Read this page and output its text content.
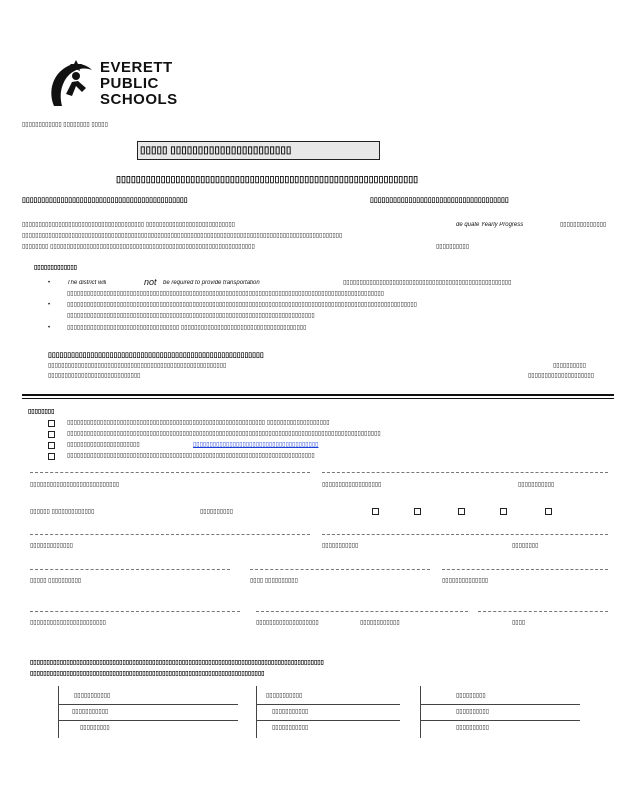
EVERETT
PUBLIC
SCHOOLS
▯▯▯▯▯▯▯▯▯▯▯▯ ▯▯▯▯▯▯▯▯ ▯▯▯▯▯
▯▯▯▯▯ ▯▯▯▯▯▯▯▯▯▯▯▯▯▯▯▯▯▯▯▯▯▯
▯▯▯▯▯▯▯▯▯▯▯▯▯▯▯▯▯▯▯▯▯▯▯▯▯▯▯▯▯▯▯▯▯▯▯▯▯▯▯▯▯▯▯▯▯▯▯▯▯▯▯▯▯▯▯▯▯▯▯▯▯
▯▯▯▯▯▯▯▯▯▯▯▯▯▯▯▯▯▯▯▯▯▯▯▯▯▯▯▯▯▯▯▯▯▯▯▯▯▯▯▯▯▯▯	▯▯▯▯▯▯▯▯▯▯▯▯▯▯▯▯▯▯▯▯▯▯▯▯▯▯▯▯▯▯▯▯▯▯▯▯
▯▯▯▯▯▯▯▯▯▯▯▯▯▯▯▯▯▯▯▯▯▯▯▯▯▯▯▯▯▯▯▯▯▯▯▯▯ ▯▯▯▯▯▯▯▯▯▯▯▯▯▯▯▯▯▯▯▯▯▯▯▯▯▯▯	de quate Yearly Progress	▯▯▯▯▯▯▯▯▯▯▯▯▯▯
▯▯▯▯▯▯▯▯▯▯▯▯▯▯▯▯▯▯▯▯▯▯▯▯▯▯▯▯▯▯▯▯▯▯▯▯▯▯▯▯▯▯▯▯▯▯▯▯▯▯▯▯▯▯▯▯▯▯▯▯▯▯▯▯▯▯▯▯▯▯▯▯▯▯▯▯▯▯▯▯▯▯▯▯▯▯▯▯▯▯▯▯▯▯▯▯▯
▯▯▯▯▯▯▯▯ ▯▯▯▯▯▯▯▯▯▯▯▯▯▯▯▯▯▯▯▯▯▯▯▯▯▯▯▯▯▯▯▯▯▯▯▯▯▯▯▯▯▯▯▯▯▯▯▯▯▯▯▯▯▯▯▯▯▯▯▯▯▯	▯▯▯▯▯▯▯▯▯▯
▯▯▯▯▯▯▯▯▯▯▯▯▯
•	The district will	not be required to provide transportation	▯▯▯▯▯▯▯▯▯▯▯▯▯▯▯▯▯▯▯▯▯▯▯▯▯▯▯▯▯▯▯▯▯▯▯▯▯▯▯▯▯▯▯▯▯▯▯▯▯▯▯
▯▯▯▯▯▯▯▯▯▯▯▯▯▯▯▯▯▯▯▯▯▯▯▯▯▯▯▯▯▯▯▯▯▯▯▯▯▯▯▯▯▯▯▯▯▯▯▯▯▯▯▯▯▯▯▯▯▯▯▯▯▯▯▯▯▯▯▯▯▯▯▯▯▯▯▯▯▯▯▯▯▯▯▯▯▯▯▯▯▯▯▯▯▯▯▯
•	▯▯▯▯▯▯▯▯▯▯▯▯▯▯▯▯▯▯▯▯▯▯▯▯▯▯▯▯▯▯▯▯▯▯▯▯▯▯▯▯▯▯▯▯▯▯▯▯▯▯▯▯▯▯▯▯▯▯▯▯▯▯▯▯▯▯▯▯▯▯▯▯▯▯▯▯▯▯▯▯▯▯▯▯▯▯▯▯▯▯▯▯▯▯▯▯▯▯▯▯▯▯▯▯▯▯
▯▯▯▯▯▯▯▯▯▯▯▯▯▯▯▯▯▯▯▯▯▯▯▯▯▯▯▯▯▯▯▯▯▯▯▯▯▯▯▯▯▯▯▯▯▯▯▯▯▯▯▯▯▯▯▯▯▯▯▯▯▯▯▯▯▯▯▯▯▯▯▯▯▯▯
•	▯▯▯▯▯▯▯▯▯▯▯▯▯▯▯▯▯▯▯▯▯▯▯▯▯▯▯▯▯▯▯▯▯▯ ▯▯▯▯▯▯▯▯▯▯▯▯▯▯▯▯▯▯▯▯▯▯▯▯▯▯▯▯▯▯▯▯▯▯▯▯▯▯
▯▯▯▯▯▯▯▯▯▯▯▯▯▯▯▯▯▯▯▯▯▯▯▯▯▯▯▯▯▯▯▯▯▯▯▯▯▯▯▯▯▯▯▯▯▯▯▯▯▯▯▯▯▯▯▯
▯▯▯▯▯▯▯▯▯▯▯▯▯▯▯▯▯▯▯▯▯▯▯▯▯▯▯▯▯▯▯▯▯▯▯▯▯▯▯▯▯▯▯▯▯▯▯▯▯▯▯▯▯▯
▯▯▯▯▯▯▯▯▯▯▯▯▯▯▯▯▯▯▯▯▯▯▯▯▯▯▯▯
▯▯▯▯▯▯▯▯▯▯
▯▯▯▯▯▯▯▯▯▯▯▯▯▯▯▯▯▯▯▯
▯▯▯▯▯▯▯▯
▯▯▯▯▯▯▯▯▯▯▯▯▯▯▯▯▯▯▯▯▯▯▯▯▯▯▯▯▯▯▯▯▯▯▯▯▯▯▯▯▯▯▯▯▯▯▯▯▯▯▯▯▯▯▯▯▯▯▯▯ ▯▯▯▯▯▯▯▯▯▯▯▯▯▯▯▯▯▯▯
▯▯▯▯▯▯▯▯▯▯▯▯▯▯▯▯▯▯▯▯▯▯▯▯▯▯▯▯▯▯▯▯▯▯▯▯▯▯▯▯▯▯▯▯▯▯▯▯▯▯▯▯▯▯▯▯▯▯▯▯▯▯▯▯▯▯▯▯▯▯▯▯▯▯▯▯▯▯▯▯▯▯▯▯▯▯▯▯▯▯▯▯▯▯▯
▯▯▯▯▯▯▯▯▯▯▯▯▯▯▯▯▯▯▯▯▯▯	▯▯▯▯▯▯▯▯▯▯▯▯▯▯▯▯▯▯▯▯▯▯▯▯▯▯▯▯▯▯▯▯▯▯▯▯▯▯
▯▯▯▯▯▯▯▯▯▯▯▯▯▯▯▯▯▯▯▯▯▯▯▯▯▯▯▯▯▯▯▯▯▯▯▯▯▯▯▯▯▯▯▯▯▯▯▯▯▯▯▯▯▯▯▯▯▯▯▯▯▯▯▯▯▯▯▯▯▯▯▯▯▯▯
▯▯▯▯▯▯▯▯▯▯▯▯▯▯▯▯▯▯▯▯▯▯▯▯▯▯▯	▯▯▯▯▯▯▯▯▯▯▯▯▯▯▯▯▯▯	▯▯▯▯▯▯▯▯▯▯▯
▯▯▯▯▯▯ ▯▯▯▯▯▯▯▯▯▯▯▯▯	▯▯▯▯▯▯▯▯▯▯
▯▯▯▯▯▯▯▯▯▯▯▯▯	▯▯▯▯▯▯▯▯▯▯▯	▯▯▯▯▯▯▯▯
▯▯▯▯▯ ▯▯▯▯▯▯▯▯▯▯	▯▯▯▯ ▯▯▯▯▯▯▯▯▯▯	▯▯▯▯▯▯▯▯▯▯▯▯▯▯
▯▯▯▯▯▯▯▯▯▯▯▯▯▯▯▯▯▯▯▯▯▯▯	▯▯▯▯▯▯▯▯▯▯▯▯▯▯▯▯▯▯▯	▯▯▯▯▯▯▯▯▯▯▯▯	▯▯▯▯
▯▯▯▯▯▯▯▯▯▯▯▯▯▯▯▯▯▯▯▯▯▯▯▯▯▯▯▯▯▯▯▯▯▯▯▯▯▯▯▯▯▯▯▯▯▯▯▯▯▯▯▯▯▯▯▯▯▯▯▯▯▯▯▯▯▯▯▯▯▯▯▯▯▯▯▯▯▯▯▯▯▯▯▯▯▯▯▯▯
▯▯▯▯▯▯▯▯▯▯▯▯▯▯▯▯▯▯▯▯▯▯▯▯▯▯▯▯▯▯▯▯▯▯▯▯▯▯▯▯▯▯▯▯▯▯▯▯▯▯▯▯▯▯▯▯▯▯▯▯▯▯▯▯▯▯▯▯▯▯▯
▯▯▯▯▯▯▯▯▯▯▯	▯▯▯▯▯▯▯▯▯▯▯	▯▯▯▯▯▯▯▯▯
▯▯▯▯▯▯▯▯▯▯▯	▯▯▯▯▯▯▯▯▯▯▯	▯▯▯▯▯▯▯▯▯▯
▯▯▯▯▯▯▯▯▯	▯▯▯▯▯▯▯▯▯▯▯	▯▯▯▯▯▯▯▯▯▯
